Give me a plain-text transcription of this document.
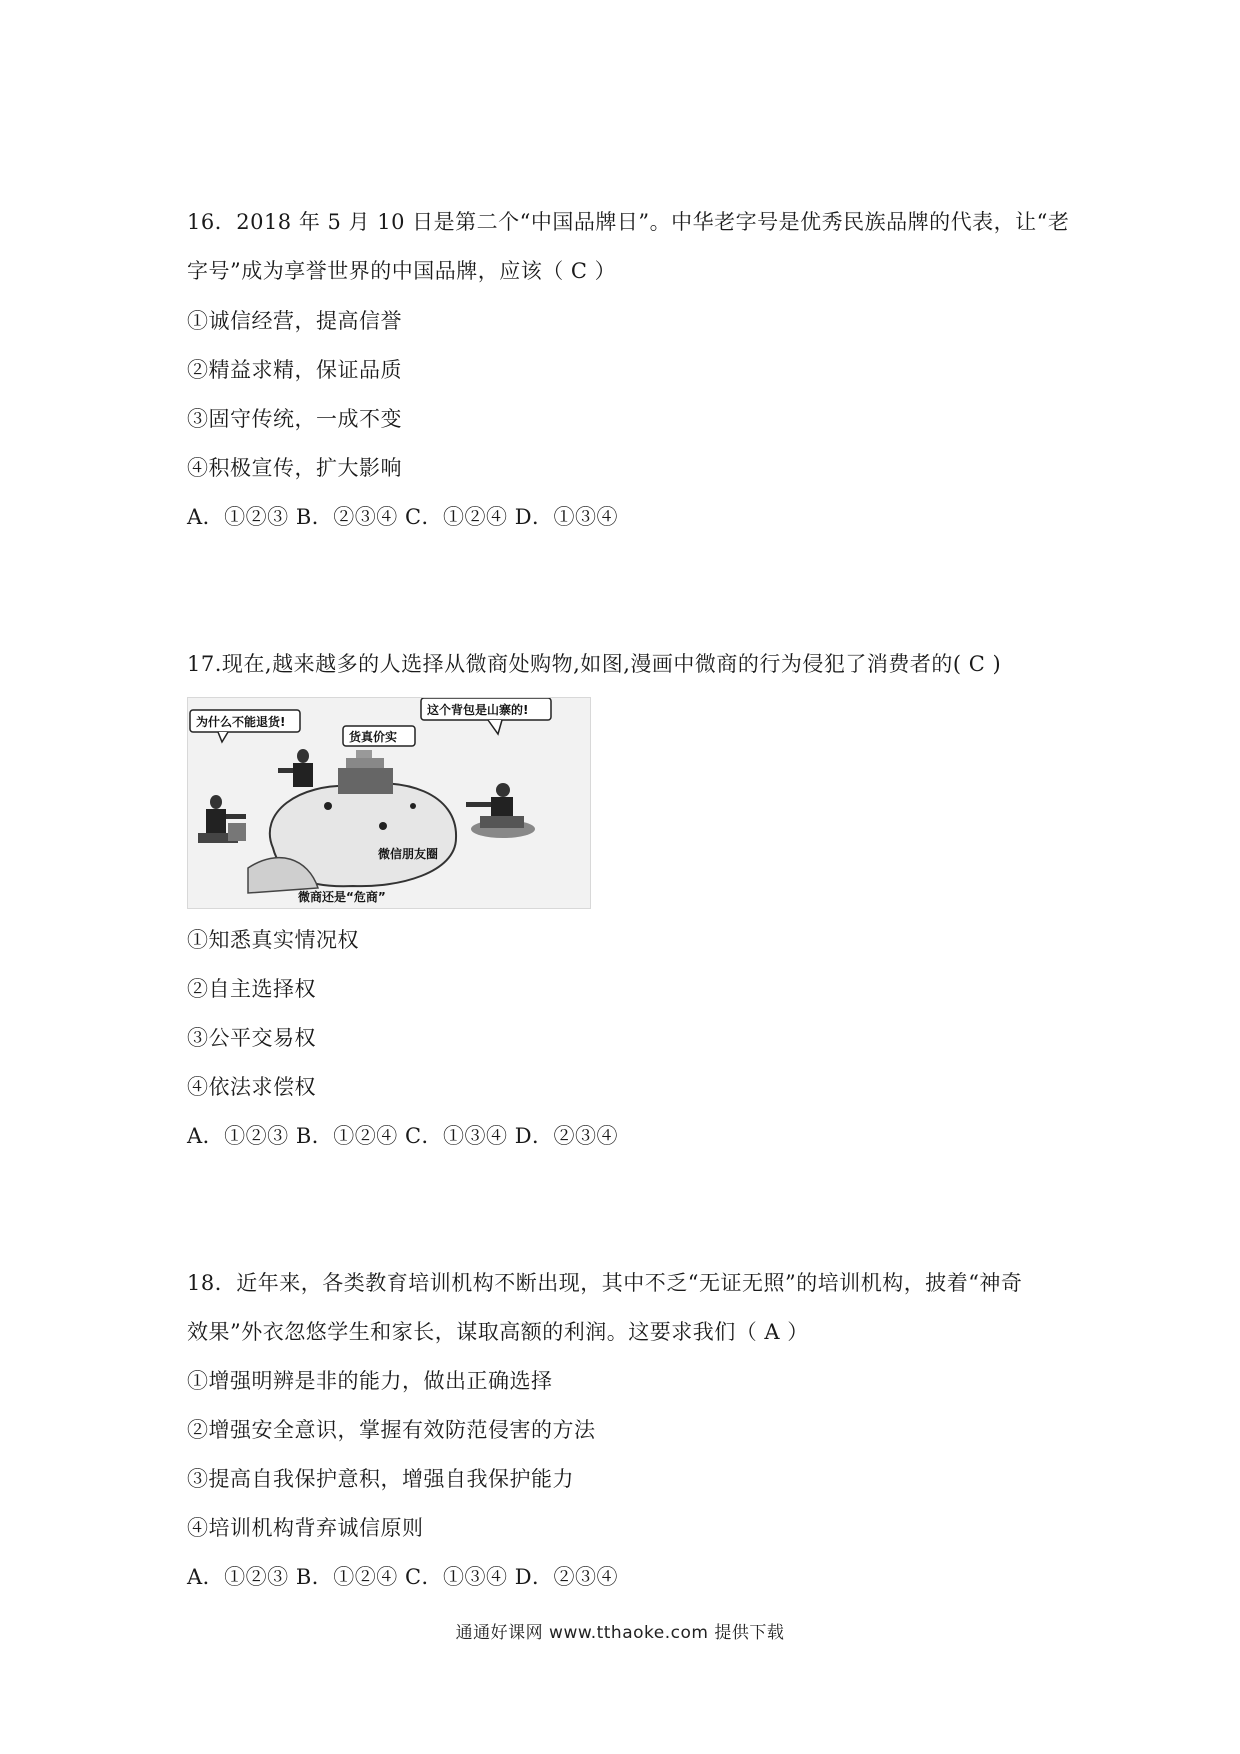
16．2018 年 5 月 10 日是第二个“中国品牌日”。中华老字号是优秀民族品牌的代表，让“老
字号”成为享誉世界的中国品牌，应该（ C ）
①诚信经营，提高信誉
②精益求精，保证品质
③固守传统，一成不变
④积极宣传，扩大影响
A．①②③ B．②③④ C．①②④ D．①③④
17.现在,越来越多的人选择从微商处购物,如图,漫画中微商的行为侵犯了消费者的( C )
为什么不能退货!
货真价实
这个背包是山寨的!
微信朋友圈
微商还是“危商”
①知悉真实情况权
②自主选择权
③公平交易权
④依法求偿权
A．①②③ B．①②④ C．①③④ D．②③④
18．近年来，各类教育培训机构不断出现，其中不乏“无证无照”的培训机构，披着“神奇
效果”外衣忽悠学生和家长，谋取高额的利润。这要求我们（ A ）
①增强明辨是非的能力，做出正确选择
②增强安全意识，掌握有效防范侵害的方法
③提高自我保护意积，增强自我保护能力
④培训机构背弃诚信原则
A．①②③ B．①②④ C．①③④ D．②③④
通通好课网 www.tthaoke.com 提供下载
